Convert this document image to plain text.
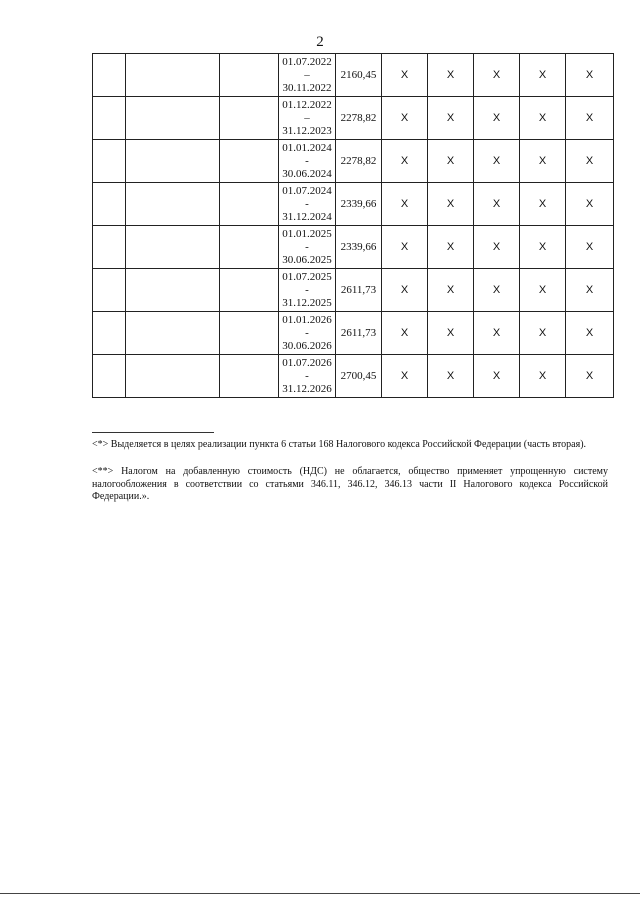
2

			01.07.2022
–
30.11.2022	2160,45	X	X	X	X	X

			01.12.2022
–
31.12.2023	2278,82	X	X	X	X	X

			01.01.2024
-
30.06.2024	2278,82	X	X	X	X	X

			01.07.2024
-
31.12.2024	2339,66	X	X	X	X	X

			01.01.2025
-
30.06.2025	2339,66	X	X	X	X	X

			01.07.2025
-
31.12.2025	2611,73	X	X	X	X	X

			01.01.2026
-
30.06.2026	2611,73	X	X	X	X	X

			01.07.2026
-
31.12.2026	2700,45	X	X	X	X	X
<*> Выделяется в целях реализации пункта 6 статьи 168 Налогового кодекса Российской Федерации (часть вторая).
<**> Налогом на добавленную стоимость (НДС) не облагается, общество применяет упрощенную систему налогообложения в соответствии со статьями 346.11, 346.12, 346.13 части II Налогового кодекса Российской Федерации.».
